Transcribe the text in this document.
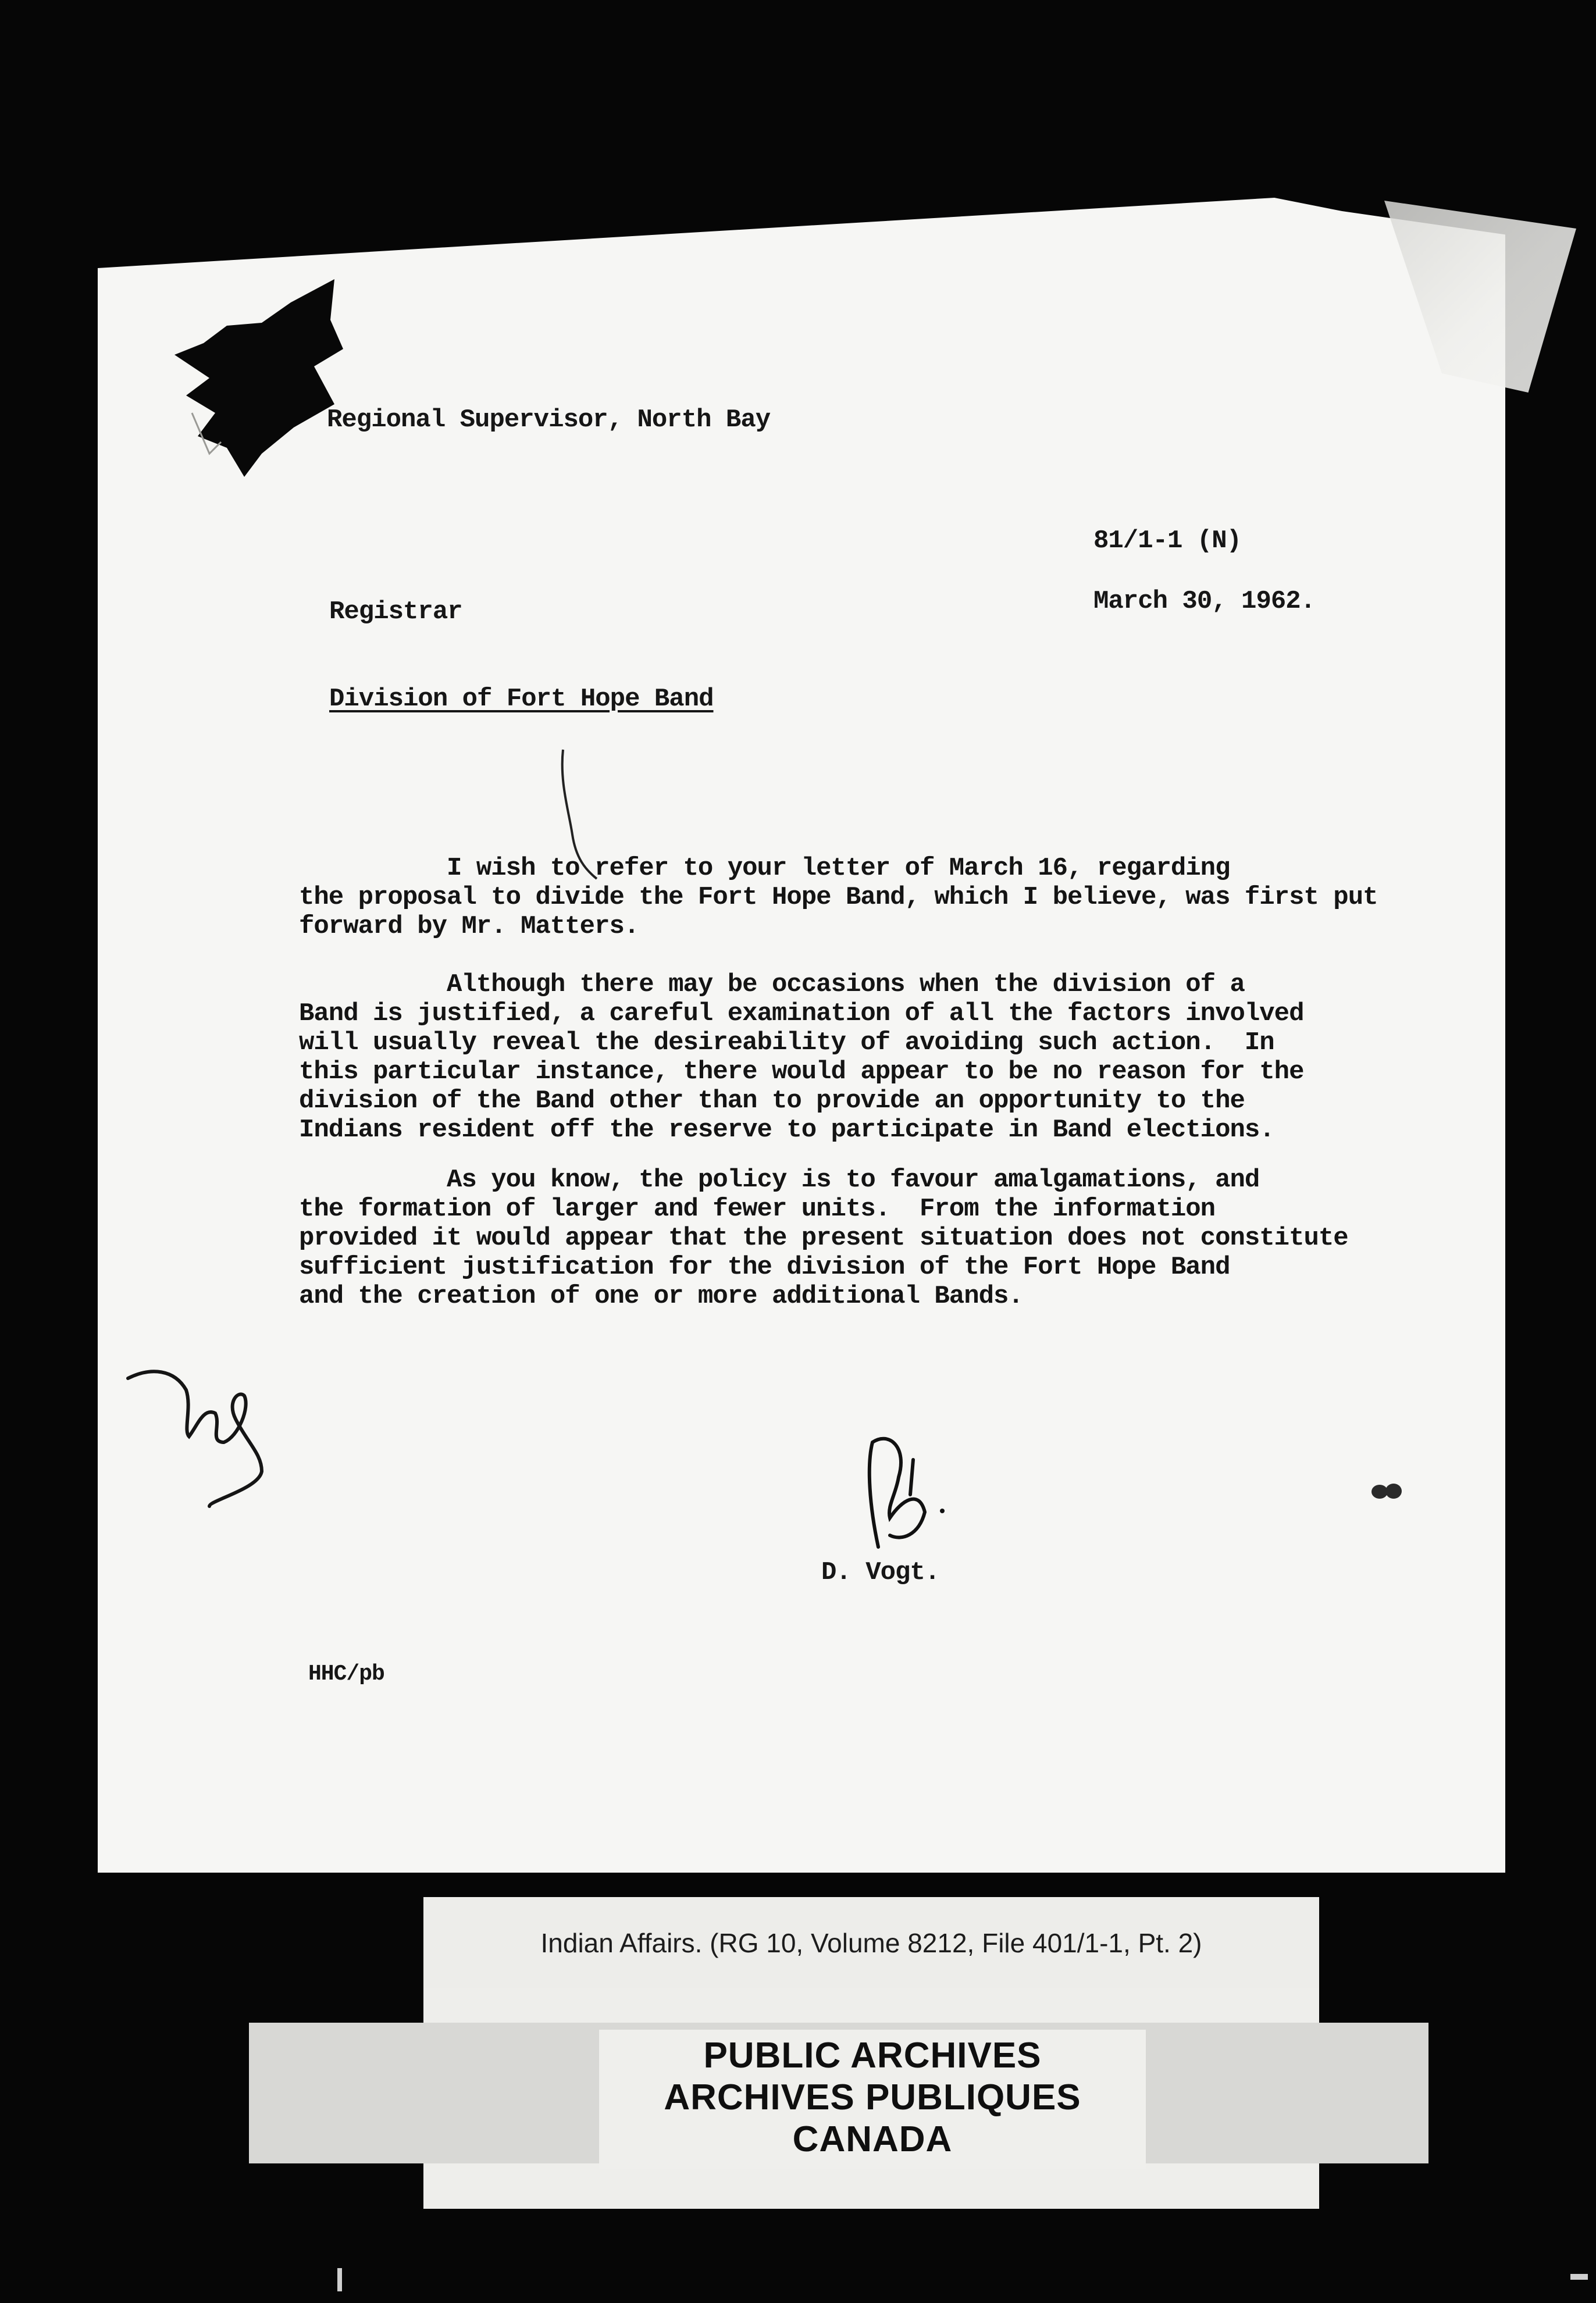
Regional Supervisor, North Bay
81/1-1 (N)
Registrar	March 30, 1962.
Division of Fort Hope Band
I wish to refer to your letter of March 16, regarding
the proposal to divide the Fort Hope Band, which I believe, was first put
forward by Mr. Matters.
Although there may be occasions when the division of a
Band is justified, a careful examination of all the factors involved
will usually reveal the desireability of avoiding such action.  In
this particular instance, there would appear to be no reason for the
division of the Band other than to provide an opportunity to the
Indians resident off the reserve to participate in Band elections.
As you know, the policy is to favour amalgamations, and
the formation of larger and fewer units.  From the information
provided it would appear that the present situation does not constitute
sufficient justification for the division of the Fort Hope Band
and the creation of one or more additional Bands.
D. Vogt.
HHC/pb
Indian Affairs. (RG 10, Volume 8212, File 401/1-1, Pt. 2)
PUBLIC ARCHIVES
ARCHIVES PUBLIQUES
CANADA
